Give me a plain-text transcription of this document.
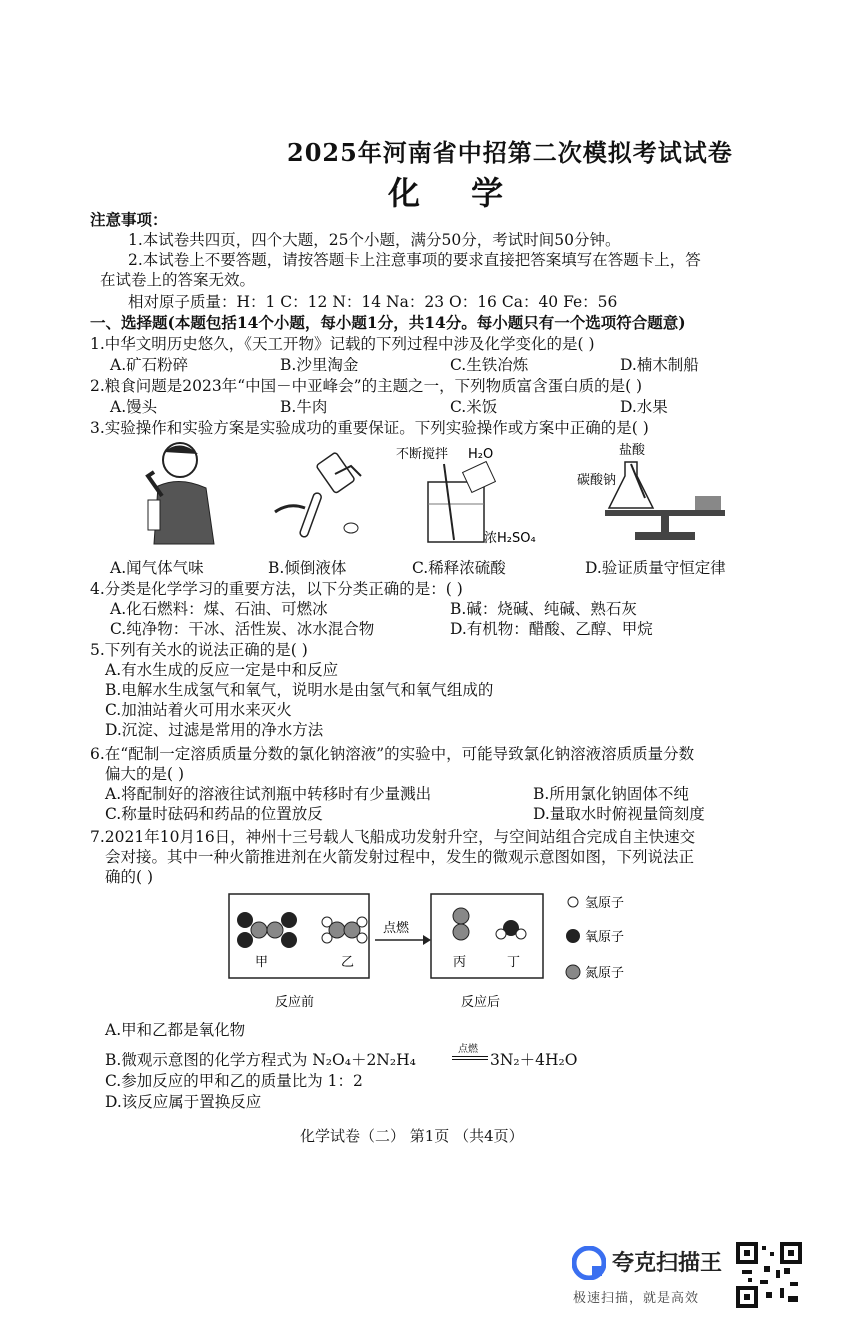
2025年河南省中招第二次模拟考试试卷
化 学
注意事项：
1.本试卷共四页，四个大题，25个小题，满分50分，考试时间50分钟。
2.本试卷上不要答题，请按答题卡上注意事项的要求直接把答案填写在答题卡上，答
在试卷上的答案无效。
相对原子质量：H：1 C：12 N：14 Na：23 O：16 Ca：40 Fe：56
一、选择题(本题包括14个小题，每小题1分，共14分。每小题只有一个选项符合题意)
1.中华文明历史悠久，《天工开物》记载的下列过程中涉及化学变化的是( )
A.矿石粉碎	B.沙里淘金	C.生铁冶炼	D.楠木制船
2.粮食问题是2023年“中国－中亚峰会”的主题之一，下列物质富含蛋白质的是( )
A.馒头	B.牛肉	C.米饭	D.水果
3.实验操作和实验方案是实验成功的重要保证。下列实验操作或方案中正确的是( )
不断搅拌 H₂O
浓H₂SO₄
盐酸
碳酸钠
A.闻气体气味	B.倾倒液体	C.稀释浓硫酸	D.验证质量守恒定律
4.分类是化学学习的重要方法，以下分类正确的是：( )
A.化石燃料：煤、石油、可燃冰	B.碱：烧碱、纯碱、熟石灰
C.纯净物：干冰、活性炭、冰水混合物	D.有机物：醋酸、乙醇、甲烷
5.下列有关水的说法正确的是( )
A.有水生成的反应一定是中和反应
B.电解水生成氢气和氧气，说明水是由氢气和氧气组成的
C.加油站着火可用水来灭火
D.沉淀、过滤是常用的净水方法
6.在“配制一定溶质质量分数的氯化钠溶液”的实验中，可能导致氯化钠溶液溶质质量分数
偏大的是( )
A.将配制好的溶液往试剂瓶中转移时有少量溅出	B.所用氯化钠固体不纯
C.称量时砝码和药品的位置放反	D.量取水时俯视量筒刻度
7.2021年10月16日，神州十三号载人飞船成功发射升空，与空间站组合完成自主快速交
会对接。其中一种火箭推进剂在火箭发射过程中，发生的微观示意图如图，下列说法正
确的( )
甲	乙
点燃
丙	丁
反应前	反应后
氢原子
氧原子
氮原子
A.甲和乙都是氧化物
B.微观示意图的化学方程式为 N₂O₄＋2N₂H₄
点燃
3N₂＋4H₂O
C.参加反应的甲和乙的质量比为 1：2
D.该反应属于置换反应
化学试卷（二） 第1页 （共4页）
夸克扫描王
极速扫描，就是高效
